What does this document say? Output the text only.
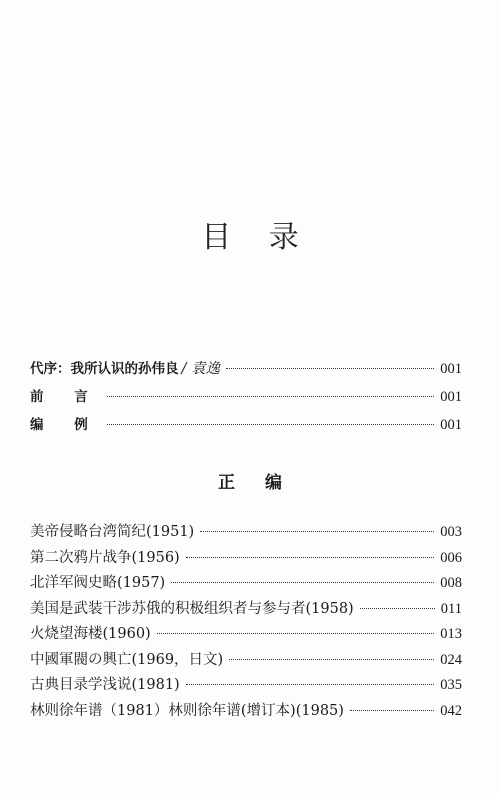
目 录
代序：我所认识的孙伟良 / 袁逸	001
前 言	001
编 例	001
正 编
美帝侵略台湾简纪(1951)	003
第二次鸦片战争(1956)	006
北洋军阀史略(1957)	008
美国是武装干涉苏俄的积极组织者与参与者(1958)	011
火烧望海楼(1960)	013
中國軍閥の興亡(1969，日文)	024
古典目录学浅说(1981)	035
林则徐年谱（1981）林则徐年谱(增订本)(1985)	042
